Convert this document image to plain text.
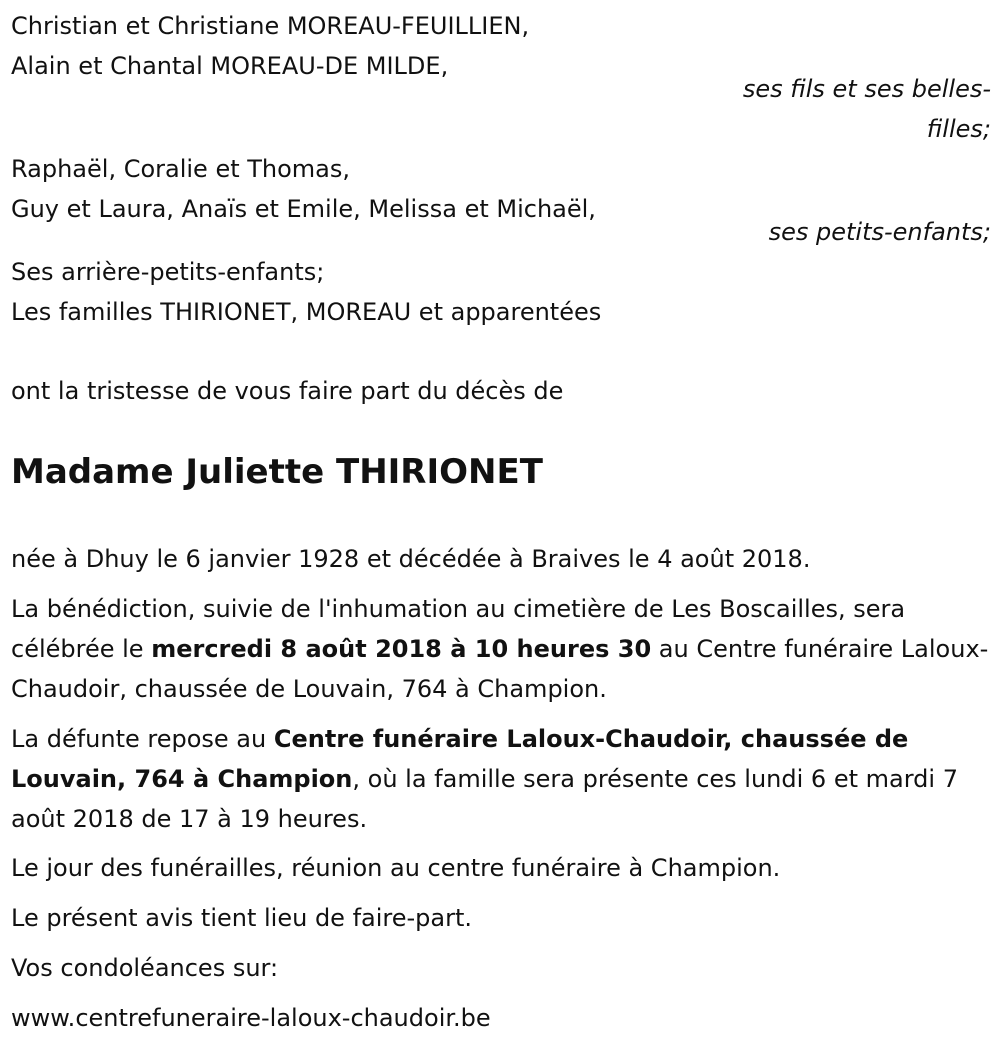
Christian et Christiane MOREAU-FEUILLIEN,
Alain et Chantal MOREAU-DE MILDE,
ses fils et ses belles-
filles;
Raphaël, Coralie et Thomas,
Guy et Laura, Anaïs et Emile, Melissa et Michaël,
ses petits-enfants;
Ses arrière-petits-enfants;
Les familles THIRIONET, MOREAU et apparentées
ont la tristesse de vous faire part du décès de
Madame Juliette THIRIONET
née à Dhuy le 6 janvier 1928 et décédée à Braives le 4 août 2018.
La bénédiction, suivie de l'inhumation au cimetière de Les Boscailles, sera célébrée le mercredi 8 août 2018 à 10 heures 30 au Centre funéraire Laloux-Chaudoir, chaussée de Louvain, 764 à Champion.
La défunte repose au Centre funéraire Laloux-Chaudoir, chaussée de Louvain, 764 à Champion, où la famille sera présente ces lundi 6 et mardi 7 août 2018 de 17 à 19 heures.
Le jour des funérailles, réunion au centre funéraire à Champion.
Le présent avis tient lieu de faire-part.
Vos condoléances sur:
www.centrefuneraire-laloux-chaudoir.be
